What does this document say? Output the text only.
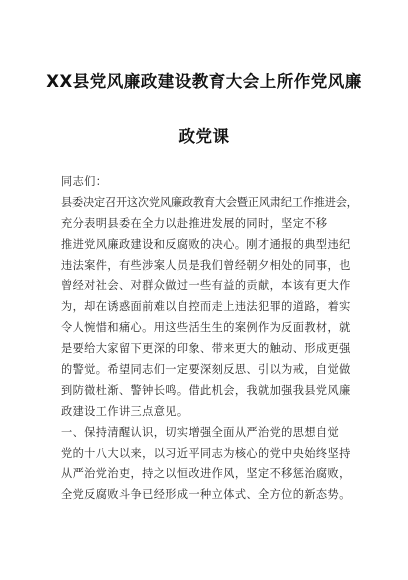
XX县党风廉政建设教育大会上所作党风廉
政党课
同志们：
县委决定召开这次党风廉政教育大会暨正风肃纪工作推进会，
充分表明县委在全力以赴推进发展的同时，坚定不移
推进党风廉政建设和反腐败的决心。刚才通报的典型违纪
违法案件，有些涉案人员是我们曾经朝夕相处的同事，也
曾经对社会、对群众做过一些有益的贡献，本该有更大作
为，却在诱惑面前难以自控而走上违法犯罪的道路，着实
令人惋惜和痛心。用这些活生生的案例作为反面教材，就
是要给大家留下更深的印象、带来更大的触动、形成更强
的警觉。希望同志们一定要深刻反思、引以为戒，自觉做
到防微杜渐、警钟长鸣。借此机会，我就加强我县党风廉
政建设工作讲三点意见。
一、保持清醒认识，切实增强全面从严治党的思想自觉
党的十八大以来，以习近平同志为核心的党中央始终坚持
从严治党治吏，持之以恒改进作风，坚定不移惩治腐败，
全党反腐败斗争已经形成一种立体式、全方位的新态势。
